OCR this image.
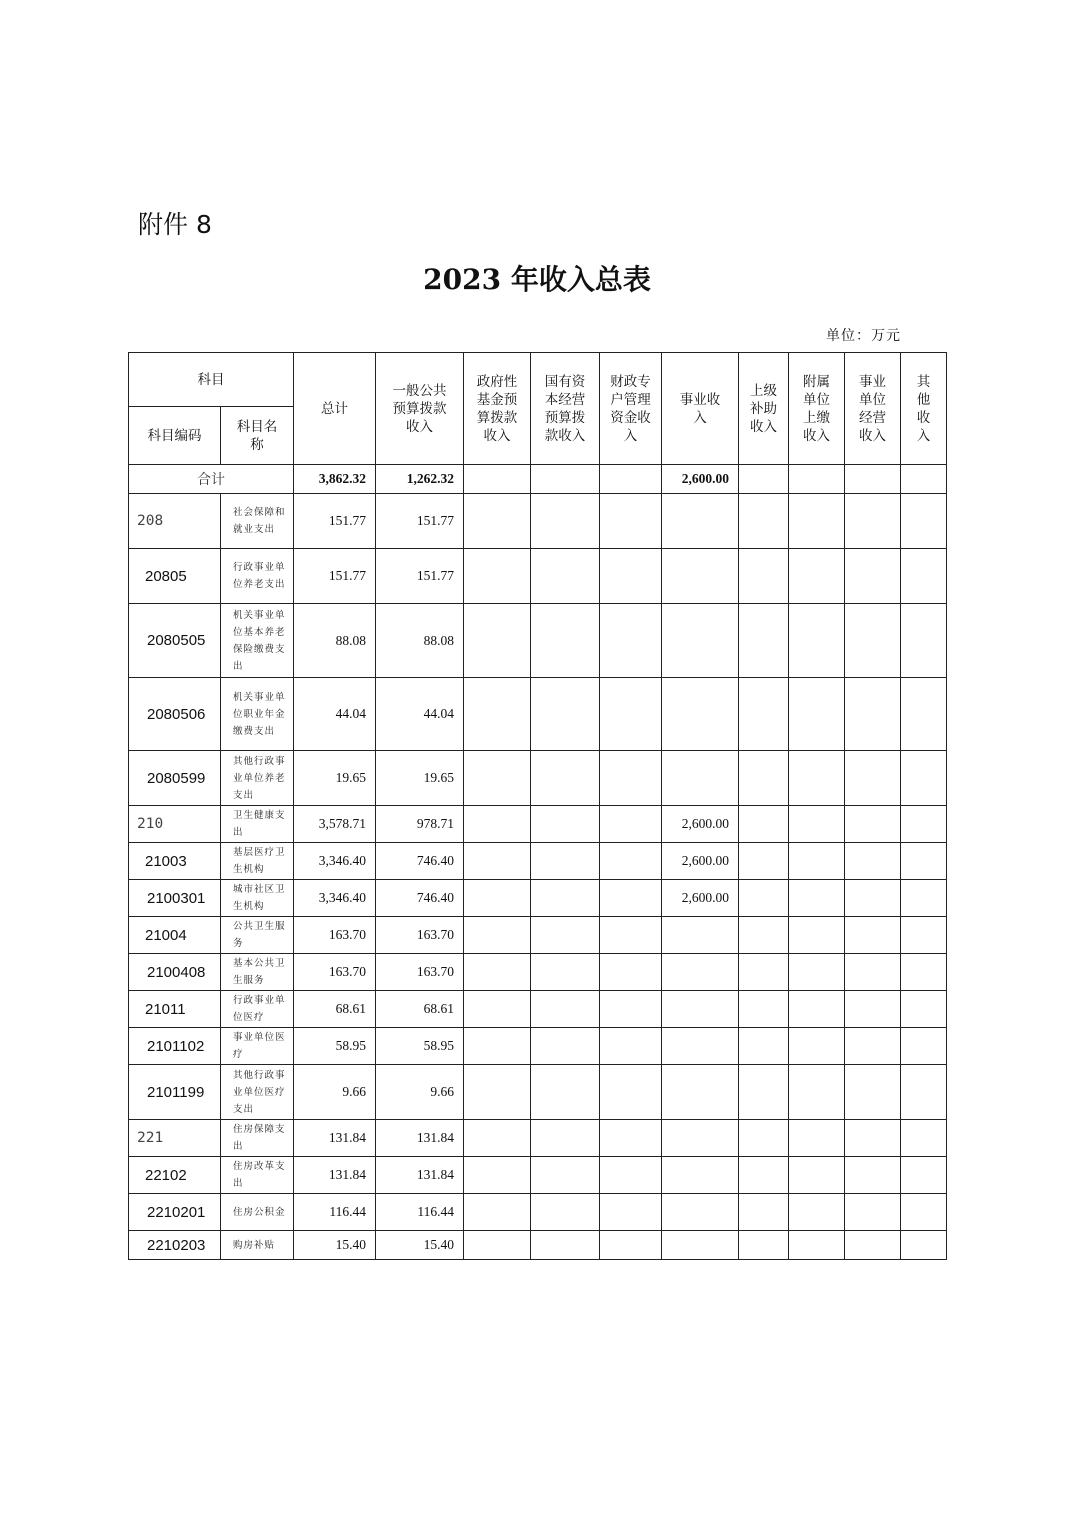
附件 8
2023 年收入总表
单位：万元
科目		总计	一般公共预算拨款收入	政府性基金预算拨款收入	国有资本经营预算拨款收入	财政专户管理资金收入	事业收入	上级补助收入	附属单位上缴收入	事业单位经营收入	其他收入

科目编码	科目名称										

合计		3,862.32	1,262.32				2,600.00				
208	社会保障和就业支出	151.77	151.77								
20805	行政事业单位养老支出	151.77	151.77								
2080505	机关事业单位基本养老保险缴费支出	88.08	88.08								
2080506	机关事业单位职业年金缴费支出	44.04	44.04								
2080599	其他行政事业单位养老支出	19.65	19.65								
210	卫生健康支出	3,578.71	978.71				2,600.00				
21003	基层医疗卫生机构	3,346.40	746.40				2,600.00				
2100301	城市社区卫生机构	3,346.40	746.40				2,600.00				
21004	公共卫生服务	163.70	163.70								
2100408	基本公共卫生服务	163.70	163.70								
21011	行政事业单位医疗	68.61	68.61								
2101102	事业单位医疗	58.95	58.95								
2101199	其他行政事业单位医疗支出	9.66	9.66								
221	住房保障支出	131.84	131.84								
22102	住房改革支出	131.84	131.84								
2210201	住房公积金	116.44	116.44								
2210203	购房补贴	15.40	15.40								
